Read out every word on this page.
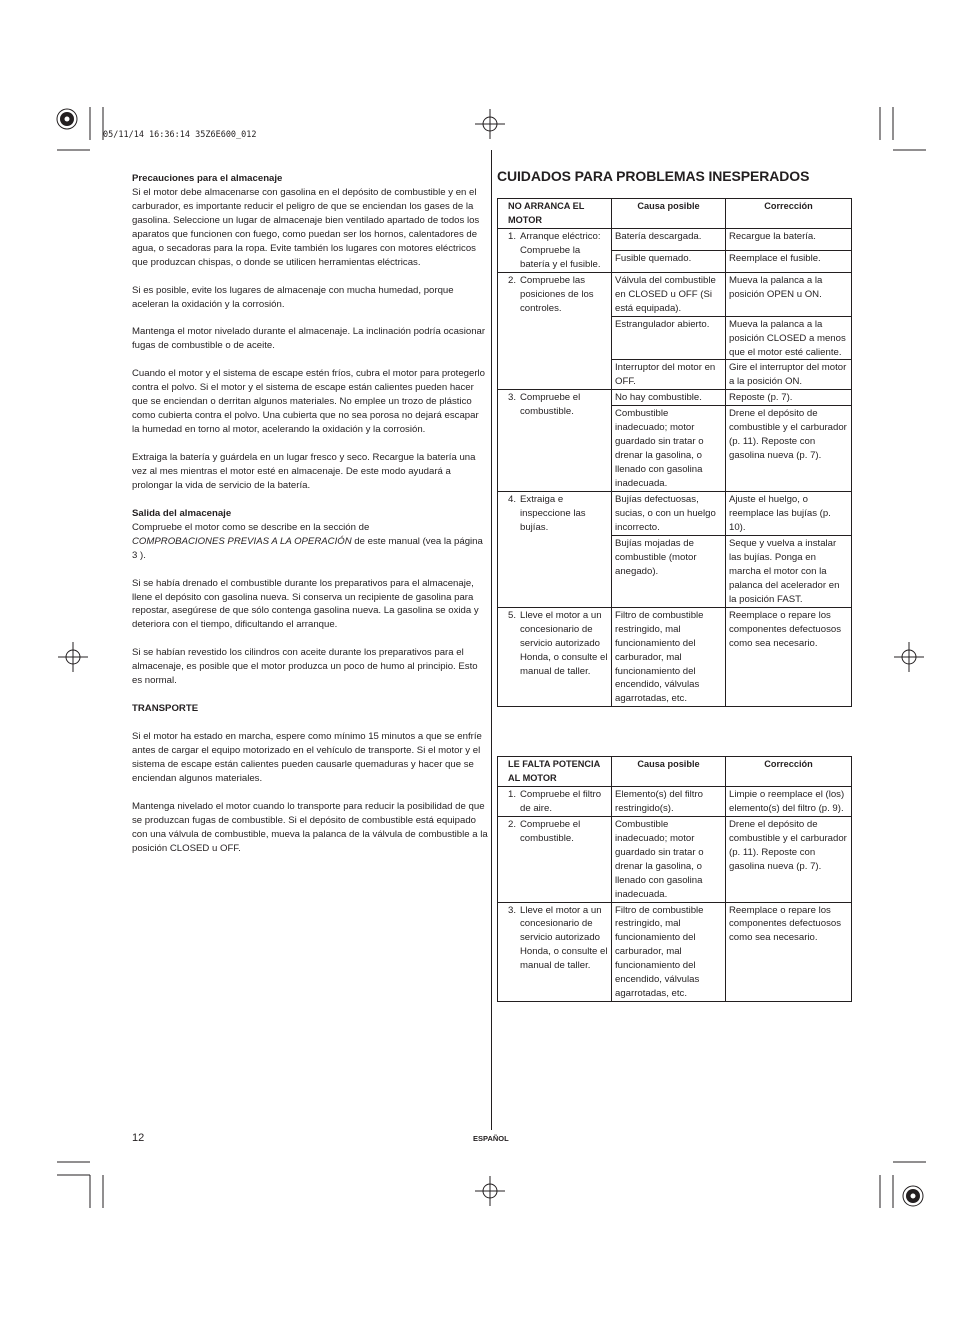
05/11/14 16:36:14 35Z6E600_012

Precauciones para el almacenaje

Si el motor debe almacenarse con gasolina en el depósito de combustible y en el carburador, es importante reducir el peligro de que se enciendan los gases de la gasolina. Seleccione un lugar de almacenaje bien ventilado apartado de todos los aparatos que funcionen con fuego, como puedan ser los hornos, calentadores de agua, o secadoras para la ropa. Evite también los lugares con motores eléctricos que produzcan chispas, o donde se utilicen herramientas eléctricas.

Si es posible, evite los lugares de almacenaje con mucha humedad, porque aceleran la oxidación y la corrosión.

Mantenga el motor nivelado durante el almacenaje. La inclinación podría ocasionar fugas de combustible o de aceite.

Cuando el motor y el sistema de escape estén fríos, cubra el motor para protegerlo contra el polvo. Si el motor y el sistema de escape están calientes pueden hacer que se enciendan o derritan algunos materiales. No emplee un trozo de plástico como cubierta contra el polvo. Una cubierta que no sea porosa no dejará escapar la humedad en torno al motor, acelerando la oxidación y la corrosión.

Extraiga la batería y guárdela en un lugar fresco y seco. Recargue la batería una vez al mes mientras el motor esté en almacenaje. De este modo ayudará a prolongar la vida de servicio de la batería.

Salida del almacenaje

Compruebe el motor como se describe en la sección de
COMPROBACIONES PREVIAS A LA OPERACIÓN de este manual (vea la página 3 ).

Si se había drenado el combustible durante los preparativos para el almacenaje, llene el depósito con gasolina nueva. Si conserva un recipiente de gasolina para repostar, asegúrese de que sólo contenga gasolina nueva. La gasolina se oxida y deteriora con el tiempo, dificultando el arranque.

Si se habían revestido los cilindros con aceite durante los preparativos para el almacenaje, es posible que el motor produzca un poco de humo al principio. Esto es normal.

TRANSPORTE

Si el motor ha estado en marcha, espere como mínimo 15 minutos a que se enfríe antes de cargar el equipo motorizado en el vehículo de transporte. Si el motor y el sistema de escape están calientes pueden causarle quemaduras y hacer que se enciendan algunos materiales.

Mantenga nivelado el motor cuando lo transporte para reducir la posibilidad de que se produzcan fugas de combustible. Si el depósito de combustible está equipado con una válvula de combustible, mueva la palanca de la válvula de combustible a la posición CLOSED u OFF.

CUIDADOS PARA PROBLEMAS INESPERADOS
NO ARRANCA EL MOTOR	Causa posible	Corrección

1. Arranque eléctrico: Compruebe la batería y el fusible.	Batería descargada.	Recargue la batería.
	Fusible quemado.	Reemplace el fusible.

2. Compruebe las posiciones de los controles.	Válvula del combustible en CLOSED u OFF (Si está equipada).	Mueva la palanca a la posición OPEN u ON.
	Estrangulador abierto.	Mueva la palanca a la posición CLOSED a menos que el motor esté caliente.
	Interruptor del motor en OFF.	Gire el interruptor del motor a la posición ON.

3. Compruebe el combustible.	No hay combustible.	Reposte (p. 7).
	Combustible inadecuado; motor guardado sin tratar o drenar la gasolina, o llenado con gasolina inadecuada.	Drene el depósito de combustible y el carburador (p. 11). Reposte con gasolina nueva (p. 7).

4. Extraiga e inspeccione las bujías.	Bujías defectuosas, sucias, o con un huelgo incorrecto.	Ajuste el huelgo, o reemplace las bujías (p. 10).
	Bujías mojadas de combustible (motor anegado).	Seque y vuelva a instalar las bujías. Ponga en marcha el motor con la palanca del acelerador en la posición FAST.

5. Lleve el motor a un concesionario de servicio autorizado Honda, o consulte el manual de taller.	Filtro de combustible restringido, mal funcionamiento del carburador, mal funcionamiento del encendido, válvulas agarrotadas, etc.	Reemplace o repare los componentes defectuosos como sea necesario.
LE FALTA POTENCIA AL MOTOR	Causa posible	Corrección

1. Compruebe el filtro de aire.	Elemento(s) del filtro restringido(s).	Limpie o reemplace el (los) elemento(s) del filtro (p. 9).

2. Compruebe el combustible.	Combustible inadecuado; motor guardado sin tratar o drenar la gasolina, o llenado con gasolina inadecuada.	Drene el depósito de combustible y el carburador (p. 11). Reposte con gasolina nueva (p. 7).

3. Lleve el motor a un concesionario de servicio autorizado Honda, o consulte el manual de taller.	Filtro de combustible restringido, mal funcionamiento del carburador, mal funcionamiento del encendido, válvulas agarrotadas, etc.	Reemplace o repare los componentes defectuosos como sea necesario.
12	ESPAÑOL
